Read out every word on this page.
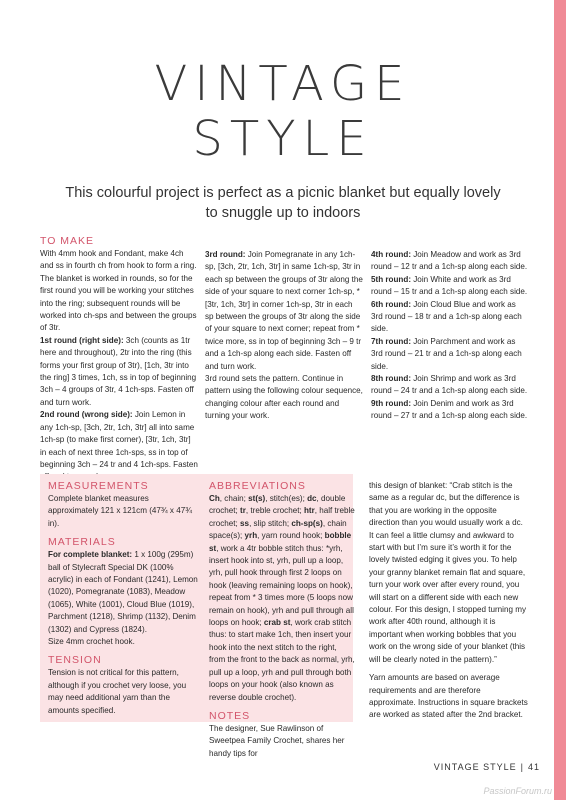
VINTAGE
STYLE
This colourful project is perfect as a picnic blanket but equally lovely to snuggle up to indoors
TO MAKE

With 4mm hook and Fondant, make 4ch and ss in fourth ch from hook to form a ring. The blanket is worked in rounds, so for the first round you will be working your stitches into the ring; subsequent rounds will be worked into ch-sps and between the groups of 3tr.

1st round (right side): 3ch (counts as 1tr here and throughout), 2tr into the ring (this forms your first group of 3tr), [1ch, 3tr into the ring] 3 times, 1ch, ss in top of beginning 3ch – 4 groups of 3tr, 4 1ch-sps. Fasten off and turn work.

2nd round (wrong side): Join Lemon in any 1ch-sp, [3ch, 2tr, 1ch, 3tr] all into same 1ch-sp (to make first corner), [3tr, 1ch, 3tr] in each of next three 1ch-sps, ss in top of beginning 3ch – 24 tr and 4 1ch-sps. Fasten

3rd round: Join Pomegranate in any 1ch-sp, [3ch, 2tr, 1ch, 3tr] in same 1ch-sp, 3tr in each sp between the groups of 3tr along the side of your square to next corner 1ch-sp, *[3tr, 1ch, 3tr] in corner 1ch-sp, 3tr in each sp between the groups of 3tr along the side of your square to next corner; repeat from * twice more, ss in top of beginning 3ch – 9 tr and a 1ch-sp along each side. Fasten off and turn work.

3rd round sets the pattern. Continue in pattern using the following colour sequence, changing colour after each round and turning your work.

4th round: Join Meadow and work as 3rd round – 12 tr and a 1ch-sp along each side.

5th round: Join White and work as 3rd round – 15 tr and a 1ch-sp along each side.

6th round: Join Cloud Blue and work as 3rd round – 18 tr and a 1ch-sp along each side.

7th round: Join Parchment and work as 3rd round – 21 tr and a 1ch-sp along each side.

8th round: Join Shrimp and work as 3rd round – 24 tr and a 1ch-sp along each side.

9th round: Join Denim and work as 3rd round – 27 tr and a 1ch-sp along each side.

MEASUREMENTS

Complete blanket measures approximately 121 x 121cm (47¾ x 47¾ in).

MATERIALS

For complete blanket: 1 x 100g (295m) ball of Stylecraft Special DK (100% acrylic) in each of Fondant (1241), Lemon (1020), Pomegranate (1083), Meadow (1065), White (1001), Cloud Blue (1019), Parchment (1218), Shrimp (1132), Denim (1302) and Cypress (1824).

Size 4mm crochet hook.

TENSION

Tension is not critical for this pattern, although if you crochet very loose, you may need additional yarn than the amounts specified.

ABBREVIATIONS

Ch, chain; st(s), stitch(es); dc, double crochet; tr, treble crochet; htr, half treble crochet; ss, slip stitch; ch-sp(s), chain space(s); yrh, yarn round hook; bobble st, work a 4tr bobble stitch thus: *yrh, insert hook into st, yrh, pull up a loop, yrh, pull hook through first 2 loops on hook (leaving remaining loops on hook), repeat from * 3 times more (5 loops now remain on hook), yrh and pull through all loops on hook; crab st, work crab stitch thus: to start make 1ch, then insert your hook into the next stitch to the right, from the front to the back as normal, yrh, pull up a loop, yrh and pull through both loops on your hook (also known as reverse double crochet).

NOTES

The designer, Sue Rawlinson of Sweetpea Family Crochet, shares her handy tips for

this design of blanket: “Crab stitch is the same as a regular dc, but the difference is that you are working in the opposite direction than you would usually work a dc. It can feel a little clumsy and awkward to start with but I’m sure it’s worth it for the lovely twisted edging it gives you. To help your granny blanket remain flat and square, turn your work over after every round, you will start on a different side with each new colour. For this design, I stopped turning my work after 40th round, although it is important when working bobbles that you work on the wrong side of your blanket (this will be clearly noted in the pattern).”

Yarn amounts are based on average requirements and are therefore approximate. Instructions in square brackets are worked as stated after the 2nd bracket.

VINTAGE STYLE | 41
PassionForum.ru
